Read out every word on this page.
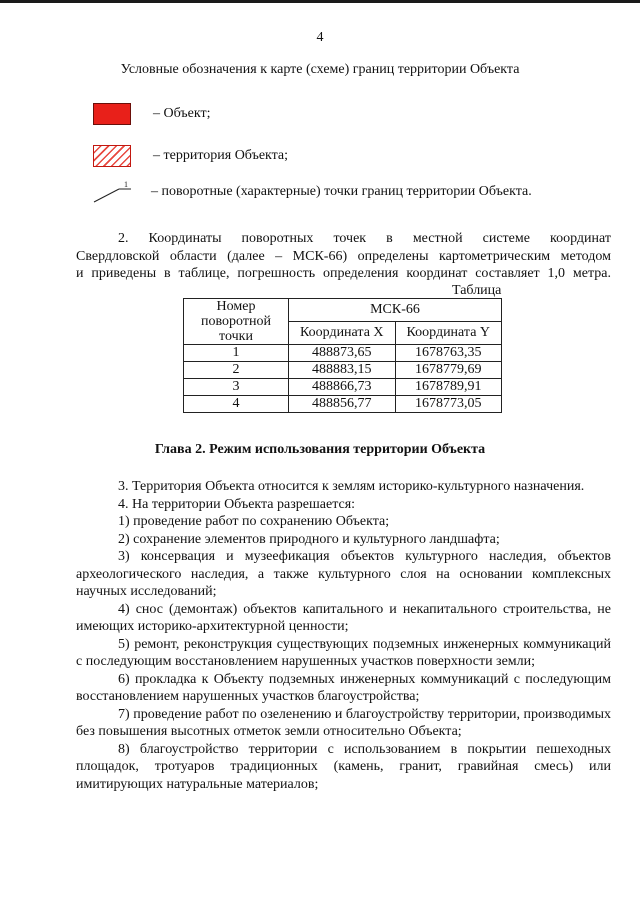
4
Условные обозначения к карте (схеме) границ территории Объекта
– Объект;
– территория Объекта;
1 – поворотные (характерные) точки границ территории Объекта.

2. Координаты поворотных точек в местной системе координат

Свердловской области (далее – МСК-66) определены картометрическим методом

и приведены в таблице, погрешность определения координат составляет 1,0 метра.

Таблица
Номер поворотной точки	МСК-66	
	Координата X	Координата Y
1	488873,65	1678763,35
2	488883,15	1678779,69
3	488866,73	1678789,91
4	488856,77	1678773,05
Глава 2. Режим использования территории Объекта

3. Территория Объекта относится к землям историко-культурного назначения.

4. На территории Объекта разрешается:

1) проведение работ по сохранению Объекта;

2) сохранение элементов природного и культурного ландшафта;

3) консервация и музеефикация объектов культурного наследия, объектов археологического наследия, а также культурного слоя на основании комплексных научных исследований;

4) снос (демонтаж) объектов капитального и некапитального строительства, не имеющих историко-архитектурной ценности;

5) ремонт, реконструкция существующих подземных инженерных коммуникаций с последующим восстановлением нарушенных участков поверхности земли;

6) прокладка к Объекту подземных инженерных коммуникаций с последующим восстановлением нарушенных участков благоустройства;

7) проведение работ по озеленению и благоустройству территории, производимых без повышения высотных отметок земли относительно Объекта;

8) благоустройство территории с использованием в покрытии пешеходных площадок, тротуаров традиционных (камень, гранит, гравийная смесь) или имитирующих натуральные материалов;
